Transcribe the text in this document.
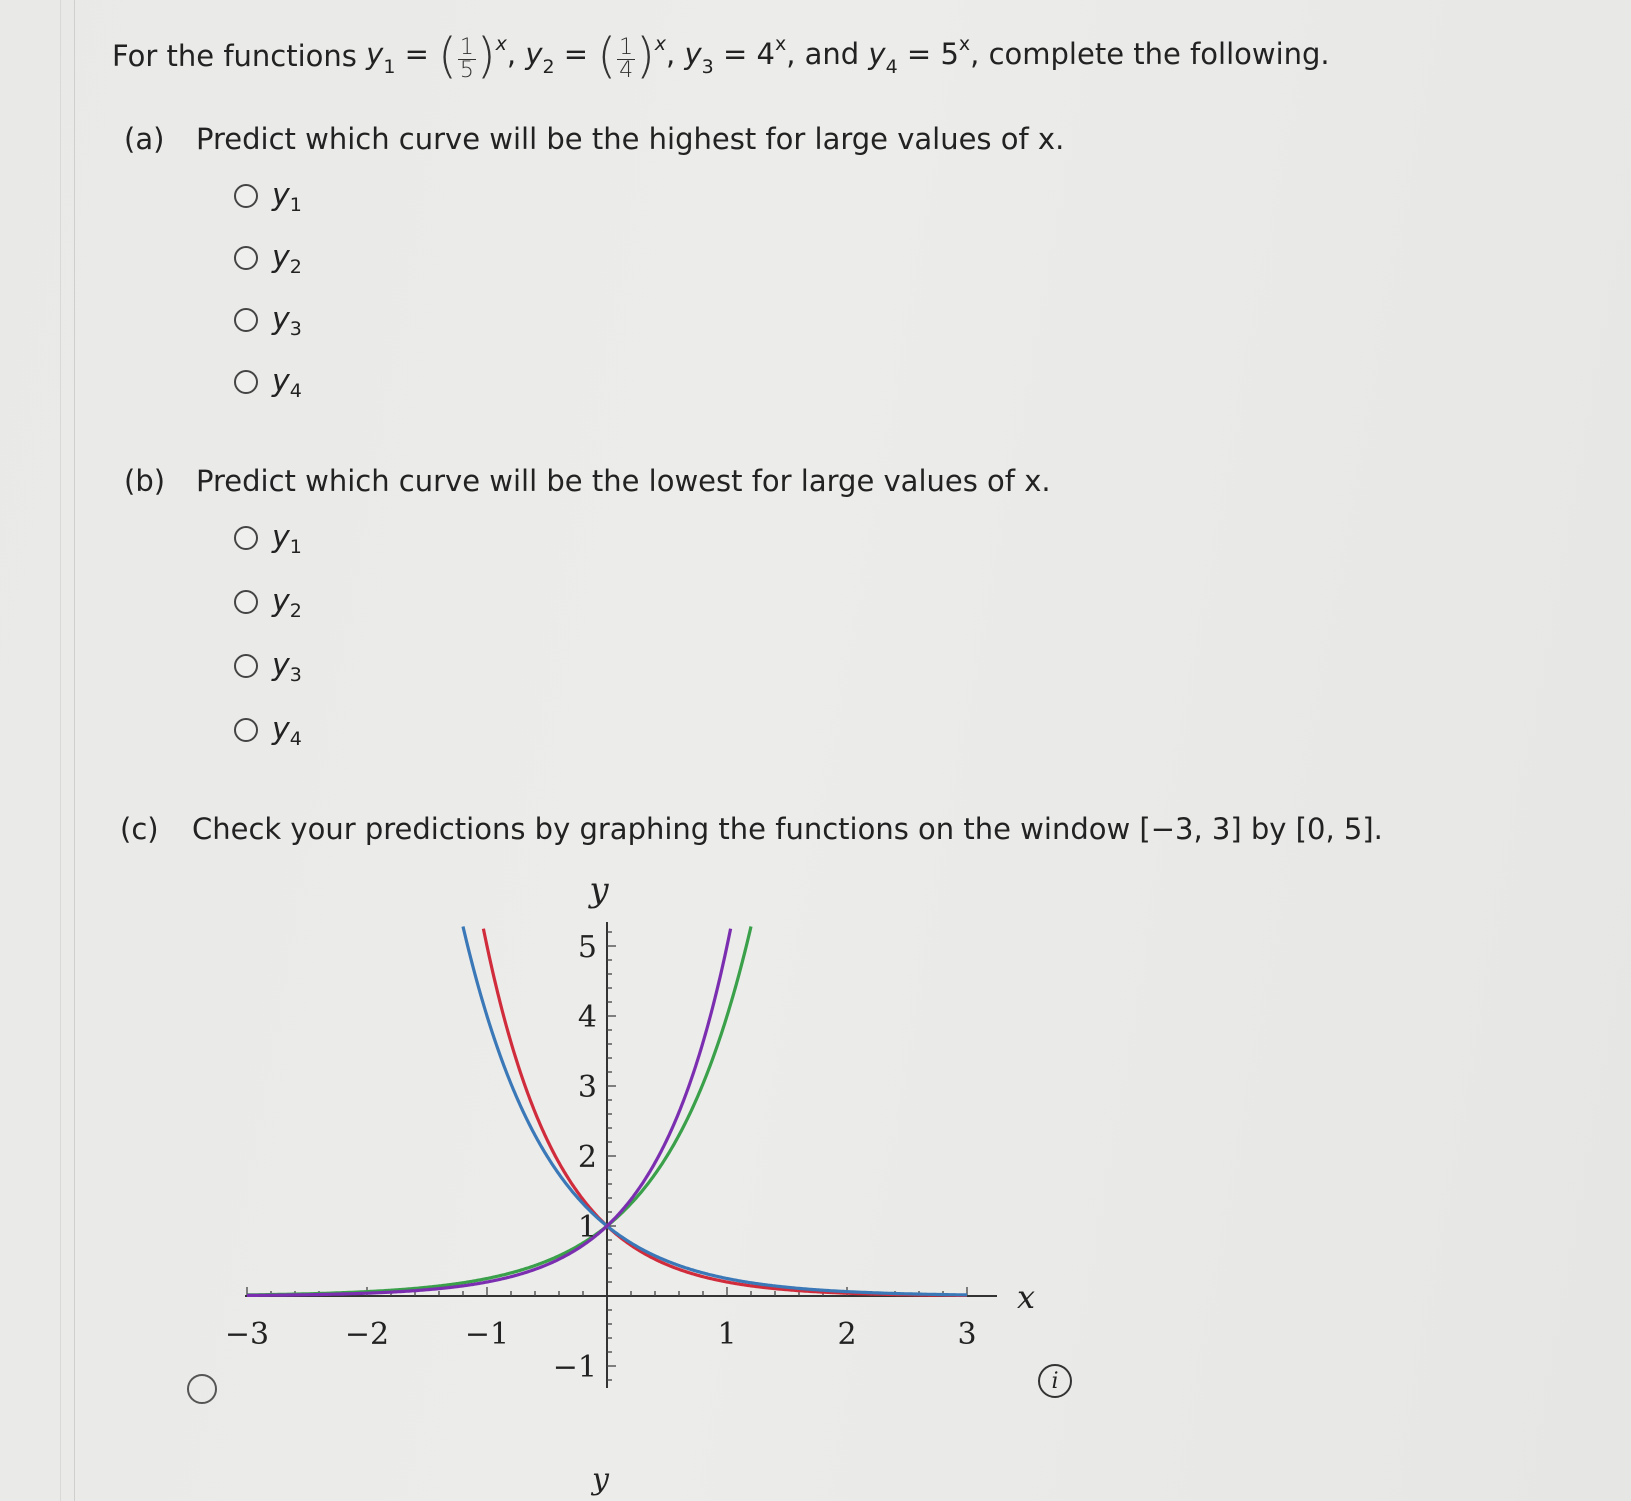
For the functions $y_1$ = ( $\frac{1}{5} )^x$, $y_2$ = ( $\frac{1}{4} )^x$, $y_3 = 4^x$, and $y_4 = 5^x$, complete the following.
(a) Predict which curve will be the highest for large values of x.
y 1
y 2
y 3
y 4
(b) Predict which curve will be the lowest for large values of x.
y 1
y 2
y 3
y 4
(c) Check your predictions by graphing the functions on the window [−3, 3] by [0, 5].
−3	−2	−1	1	2	3
−1
1
2
3
4
5
x
y
i
y
